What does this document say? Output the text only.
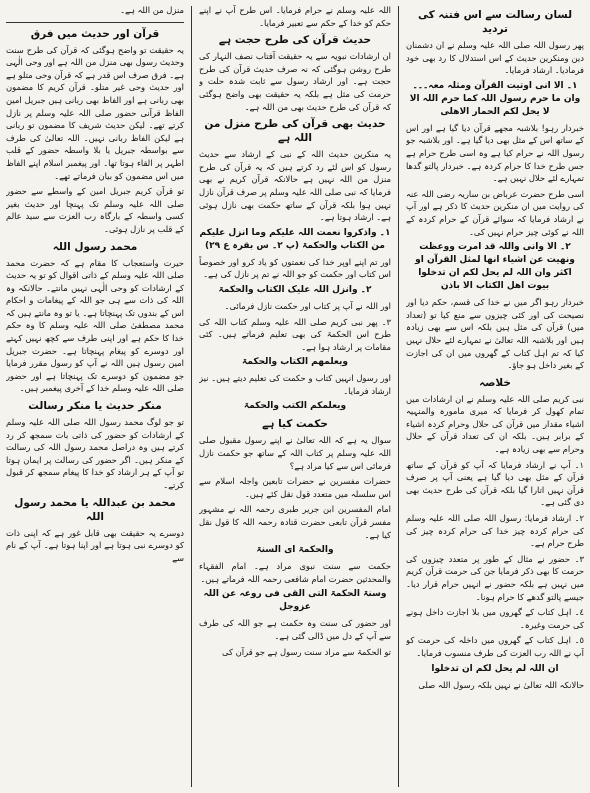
لسان رسالت سے اس فتنہ کی تردید

پھر رسول اللہ صلی اللہ علیہ وسلم نے ان دشمنان دین ومنکرین حدیث کے اس استدلال کا رد بھی خود فرمادیا۔ ارشاد فرمایا۔

١۔ الا انی اوتیت القرآن ومثلہ معہ۔۔۔ وان ما حرم رسول اللہ کما حرم اللہ الا لا یحل لکم الحمار الاھلی

خبردار رہو! بلاشبہ مجھے قرآن دیا گیا ہے اور اس کے ساتھ اس کے مثل بھی دیا گیا ہے۔ اور بلاشبہ جو رسول اللہ نے حرام کیا ہے وہ اسی طرح حرام ہے جس طرح خدا کا حرام کردہ ہے۔ خبردار پالتو گدھا تمہارے لئے حلال نہیں ہے۔

اسی طرح حضرت عرباض بن ساریہ رضی اللہ عنہ کی روایت میں ان منکرین حدیث کا ذکر ہے اور آپ نے ارشاد فرمایا کہ سوائے قرآن کے حرام کردہ کے اللہ نے کوئی چیز حرام نہیں کی۔

٢۔ الا وانی واللہ قد امرت ووعظت ونھیت عن اشیاء انھا لمثل القرآن او اکثر وان اللہ لم یحل لکم ان تدخلوا بیوت اھل الکتاب الا باذن

خبردار رہو اگر میں نے خدا کی قسم، حکم دیا اور نصیحت کی اور کئی چیزوں سے منع کیا تو (تعداد میں) قرآن کی مثل ہیں بلکہ اس سے بھی زیادہ ہیں اور بلاشبہ اللہ تعالیٰ نے تمہارے لئے حلال نہیں کیا کہ تم اہل کتاب کے گھروں میں ان کی اجازت کے بغیر داخل ہو جاؤ۔

خلاصہ

نبی کریم صلی اللہ علیہ وسلم نے ان ارشادات میں تمام کھول کر فرمایا کہ میری مامورہ والمنہیہ اشیاء مقدار میں قرآن کی حلال وحرام کردہ اشیاء کے برابر ہیں۔ بلکہ ان کی تعداد قرآن کے حلال وحرام سے بھی زیادہ ہے۔

١۔ آپ نے ارشاد فرمایا کہ آپ کو قرآن کے ساتھ قرآن کے مثل بھی دیا گیا ہے یعنی آپ پر صرف قرآن نہیں اتارا گیا بلکہ قرآن کی طرح حدیث بھی دی گئی ہے۔

٢۔ ارشاد فرمایا: رسول اللہ صلی اللہ علیہ وسلم کی حرام کردہ چیز خدا کی حرام کردہ چیز کی طرح حرام ہے۔

٣۔ حضور نے مثال کے طور پر متعدد چیزوں کی حرمت کا بھی ذکر فرمایا جن کی حرمت قرآن کریم میں نہیں ہے بلکہ حضور نے انہیں حرام قرار دیا۔ جیسے پالتو گدھے کا حرام ہونا۔

٤۔ اہل کتاب کے گھروں میں بلا اجازت داخل ہونے کی حرمت وغیرہ۔

٥۔ اہل کتاب کے گھروں میں داخلہ کی حرمت کو آپ نے اللہ رب العزت کی طرف منسوب فرمایا۔

ان اللہ لم یحل لکم ان تدخلوا

حالانکہ اللہ تعالیٰ نے نہیں بلکہ رسول اللہ صلی

اللہ علیہ وسلم نے حرام فرمایا۔ اس طرح آپ نے اپنے حکم کو خدا کے حکم سے تعبیر فرمایا۔

حدیث قرآن کی طرح حجت ہے

ان ارشادات نبویہ سے یہ حقیقت آفتاب نصف النہار کی طرح روشن ہوگئی کہ نہ صرف حدیث قرآن کی طرح حجت ہے۔ اور ارشاد رسول سے ثابت شدہ حلت و حرمت کی مثل ہے بلکہ یہ حقیقت بھی واضح ہوگئی کہ قرآن کی طرح حدیث بھی من اللہ ہے۔

حدیث بھی قرآن کی طرح منزل من اللہ ہے

یہ منکرین حدیث اللہ کے نبی کے ارشاد سے حدیث رسول کو اس لئے رد کرتے ہیں کہ یہ قرآن کی طرح منزل من اللہ نہیں ہے حالانکہ قرآن کریم نے بھی فرمایا کہ نبی صلی اللہ علیہ وسلم پر صرف قرآن نازل نہیں ہوا بلکہ قرآن کے ساتھ حکمت بھی نازل ہوئی ہے۔ ارشاد ہوتا ہے۔

١۔ واذکروا نعمت اللہ علیکم وما انزل علیکم من الکتاب والحکمۃ (پ ٢۔ س بقرہ ع ٢٩)

اور تم اپنے اوپر خدا کی نعمتوں کو یاد کرو اور خصوصاً اس کتاب اور حکمت کو جو اللہ نے تم پر نازل کی ہے۔

٢۔ وانزل اللہ علیک الکتاب والحکمۃ

اور اللہ نے آپ پر کتاب اور حکمت نازل فرمائی۔

٣۔ پھر نبی کریم صلی اللہ علیہ وسلم کتاب اللہ کی طرح اس الحکمۃ کی بھی تعلیم فرماتے ہیں۔ کئی مقامات پر ارشاد ہوا ہے۔

ویعلمھم الکتاب والحکمۃ

اور رسول انہیں کتاب و حکمت کی تعلیم دیتے ہیں۔ نیز ارشاد فرمایا۔

ویعلمکم الکتب والحکمۃ

حکمت کیا ہے

سوال یہ ہے کہ اللہ تعالیٰ نے اپنے رسول مقبول صلی اللہ علیہ وسلم پر کتاب اللہ کے ساتھ جو حکمت نازل فرمائی اس سے کیا مراد ہے؟

حضرات مفسرین نے حضرات تابعین واجلہ اسلام سے اس سلسلہ میں متعدد قول نقل کئے ہیں۔

امام المفسرین ابن جریر طبری رحمہ اللہ نے مشہور مفسر قرآن تابعی حضرت قتادہ رحمہ اللہ کا قول نقل کیا ہے۔

والحکمۃ ای السنۃ

حکمت سے سنت نبوی مراد ہے۔ امام الفقہاء والمحدثین حضرت امام شافعی رحمہ اللہ فرماتے ہیں۔

وسنۃ الحکمۃ التی القی فی روعہ عن اللہ عزوجل

اور حضور کی سنت وہ حکمت ہے جو اللہ کی طرف سے آپ کے دل میں ڈالی گئی ہے۔

تو الحکمۃ سے مراد سنت رسول ہے جو قرآن کی

منزل من اللہ ہے۔

قرآن اور حدیث میں فرق

یہ حقیقت تو واضح ہوگئی کہ قرآن کی طرح سنت وحدیث رسول بھی منزل من اللہ ہے اور وحی الٰہی ہے۔ فرق صرف اس قدر ہے کہ قرآن وحی متلو ہے اور حدیث وحی غیر متلو۔ قرآن کریم کا مضمون بھی ربانی ہے اور الفاظ بھی ربانی ہیں جبریل امین الفاظ قرآنی حضور صلی اللہ علیہ وسلم پر نازل کرتے تھے۔ لیکن حدیث شریف کا مضمون تو ربانی ہے لیکن الفاظ ربانی نہیں۔ اللہ تعالیٰ کی طرف سے بواسطہ جبریل یا بلا واسطہ حضور کے قلب اطہر پر القاء ہوتا تھا۔ اور پیغمبر اسلام اپنے الفاظ میں اس مضمون کو بیان فرماتے تھے۔

تو قرآن کریم جبریل امین کے واسطے سے حضور صلی اللہ علیہ وسلم تک پہنچا اور حدیث بغیر کسی واسطہ کے بارگاہ رب العزت سے سید عالم کے قلب پر نازل ہوئی۔

محمد رسول اللہ

حیرت واستعجاب کا مقام ہے کہ حضرت محمد صلی اللہ علیہ وسلم کے ذاتی اقوال کو تو یہ حدیث کے ارشادات کو وحی الٰہی نہیں مانتے۔ حالانکہ وہ اللہ کی ذات سے ہی جو اللہ کے پیغامات و احکام اس کے بندوں تک پہنچاتا ہے۔ یا تو وہ مانتے ہیں کہ محمد مصطفیٰ صلی اللہ علیہ وسلم کا وہ حکم خدا کا حکم ہے اور اپنی طرف سے کچھ نہیں کہتے اور دوسرے کو پیغام پہنچاتا ہے۔ حضرت جبریل امین رسول ہیں اللہ نے آپ کو رسول مقرر فرمایا جو مضمون کو دوسرے تک پہنچاتا ہے اور حضور صلی اللہ علیہ وسلم خدا کے آخری پیغمبر ہیں۔

منکر حدیث یا منکر رسالت

تو جو لوگ محمد رسول اللہ صلی اللہ علیہ وسلم کے ارشادات کو حضور کی ذاتی بات سمجھ کر رد کرتے ہیں وہ دراصل محمد رسول اللہ کی رسالت کے منکر ہیں۔ اگر حضور کی رسالت پر ایمان ہوتا تو آپ کے ہر ارشاد کو خدا کا پیغام سمجھ کر قبول کرتے۔

محمد بن عبداللہ یا محمد رسول اللہ

دوسرے یہ حقیقت بھی قابل غور ہے کہ اپنی ذات کو دوسرے نبی ہوتا ہے اور اپنا ہوتا ہے۔ آپ کے نام سے
